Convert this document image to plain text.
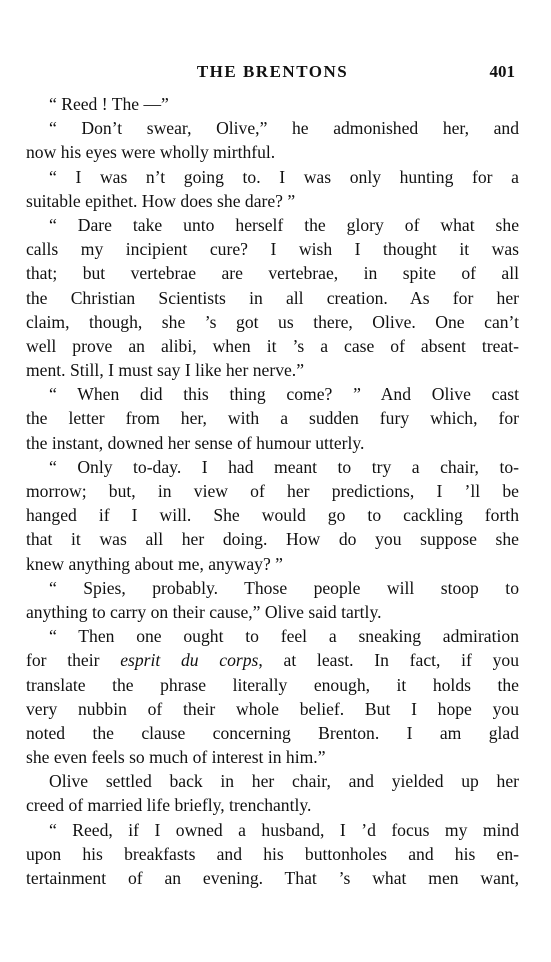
THE BRENTONS	401
“ Reed ! The —”
“ Don’t swear, Olive,” he admonished her, and
now his eyes were wholly mirthful.
“ I was n’t going to. I was only hunting for a
suitable epithet. How does she dare? ”
“ Dare take unto herself the glory of what she
calls my incipient cure? I wish I thought it was
that; but vertebrae are vertebrae, in spite of all
the Christian Scientists in all creation. As for her
claim, though, she ’s got us there, Olive. One can’t
well prove an alibi, when it ’s a case of absent treat-
ment. Still, I must say I like her nerve.”
“ When did this thing come? ” And Olive cast
the letter from her, with a sudden fury which, for
the instant, downed her sense of humour utterly.
“ Only to-day. I had meant to try a chair, to-
morrow; but, in view of her predictions, I ’ll be
hanged if I will. She would go to cackling forth
that it was all her doing. How do you suppose she
knew anything about me, anyway? ”
“ Spies, probably. Those people will stoop to
anything to carry on their cause,” Olive said tartly.
“ Then one ought to feel a sneaking admiration
for their esprit du corps, at least. In fact, if you
translate the phrase literally enough, it holds the
very nubbin of their whole belief. But I hope you
noted the clause concerning Brenton. I am glad
she even feels so much of interest in him.”
Olive settled back in her chair, and yielded up her
creed of married life briefly, trenchantly.
“ Reed, if I owned a husband, I ’d focus my mind
upon his breakfasts and his buttonholes and his en-
tertainment of an evening. That ’s what men want,
